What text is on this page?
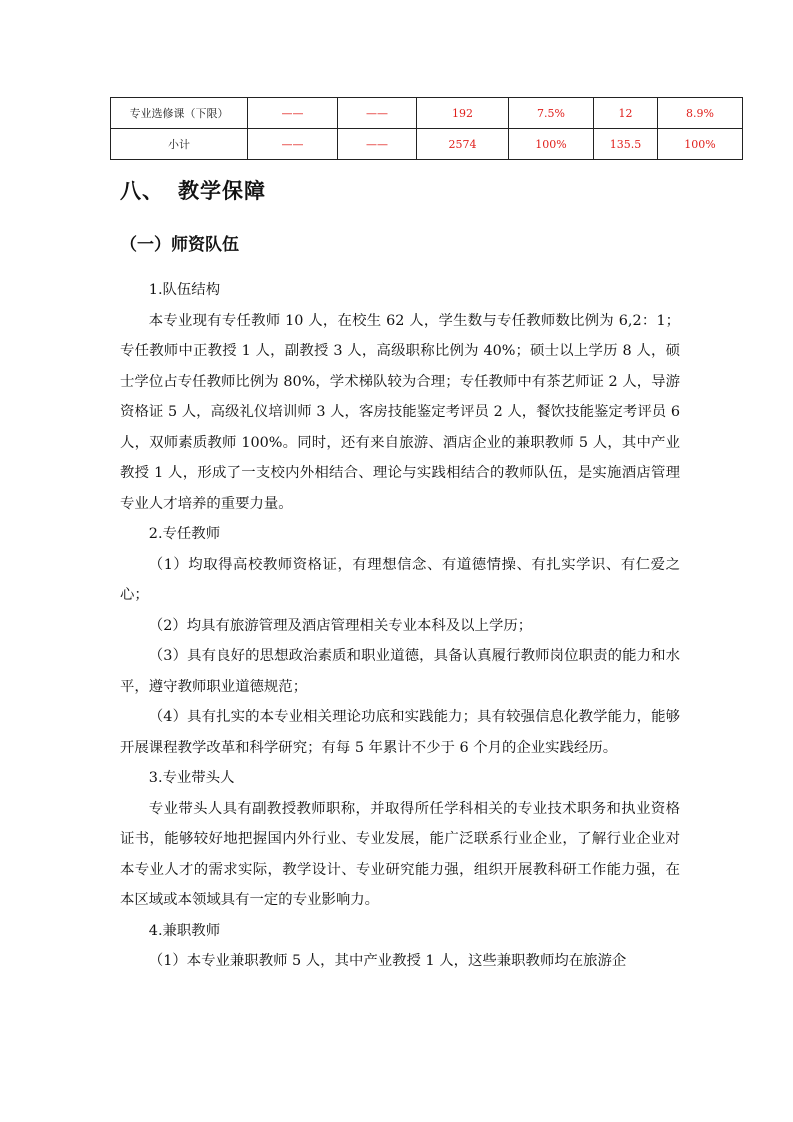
专业选修课（下限）	——	——	192	7.5%	12	8.9%
小计	——	——	2574	100%	135.5	100%
八、 教学保障
（一）师资队伍

1.队伍结构

本专业现有专任教师 10 人，在校生 62 人，学生数与专任教师数比例为 6,2：1；专任教师中正教授 1 人，副教授 3 人，高级职称比例为 40%；硕士以上学历 8 人，硕士学位占专任教师比例为 80%，学术梯队较为合理；专任教师中有茶艺师证 2 人，导游资格证 5 人，高级礼仪培训师 3 人，客房技能鉴定考评员 2 人，餐饮技能鉴定考评员 6 人，双师素质教师 100%。同时，还有来自旅游、酒店企业的兼职教师 5 人，其中产业教授 1 人，形成了一支校内外相结合、理论与实践相结合的教师队伍，是实施酒店管理专业人才培养的重要力量。

2.专任教师

（1）均取得高校教师资格证，有理想信念、有道德情操、有扎实学识、有仁爱之心；

（2）均具有旅游管理及酒店管理相关专业本科及以上学历；

（3）具有良好的思想政治素质和职业道德，具备认真履行教师岗位职责的能力和水平，遵守教师职业道德规范；

（4）具有扎实的本专业相关理论功底和实践能力；具有较强信息化教学能力，能够开展课程教学改革和科学研究；有每 5 年累计不少于 6 个月的企业实践经历。

3.专业带头人

专业带头人具有副教授教师职称，并取得所任学科相关的专业技术职务和执业资格证书，能够较好地把握国内外行业、专业发展，能广泛联系行业企业，了解行业企业对本专业人才的需求实际，教学设计、专业研究能力强，组织开展教科研工作能力强，在本区域或本领域具有一定的专业影响力。

4.兼职教师

（1）本专业兼职教师 5 人，其中产业教授 1 人，这些兼职教师均在旅游企
